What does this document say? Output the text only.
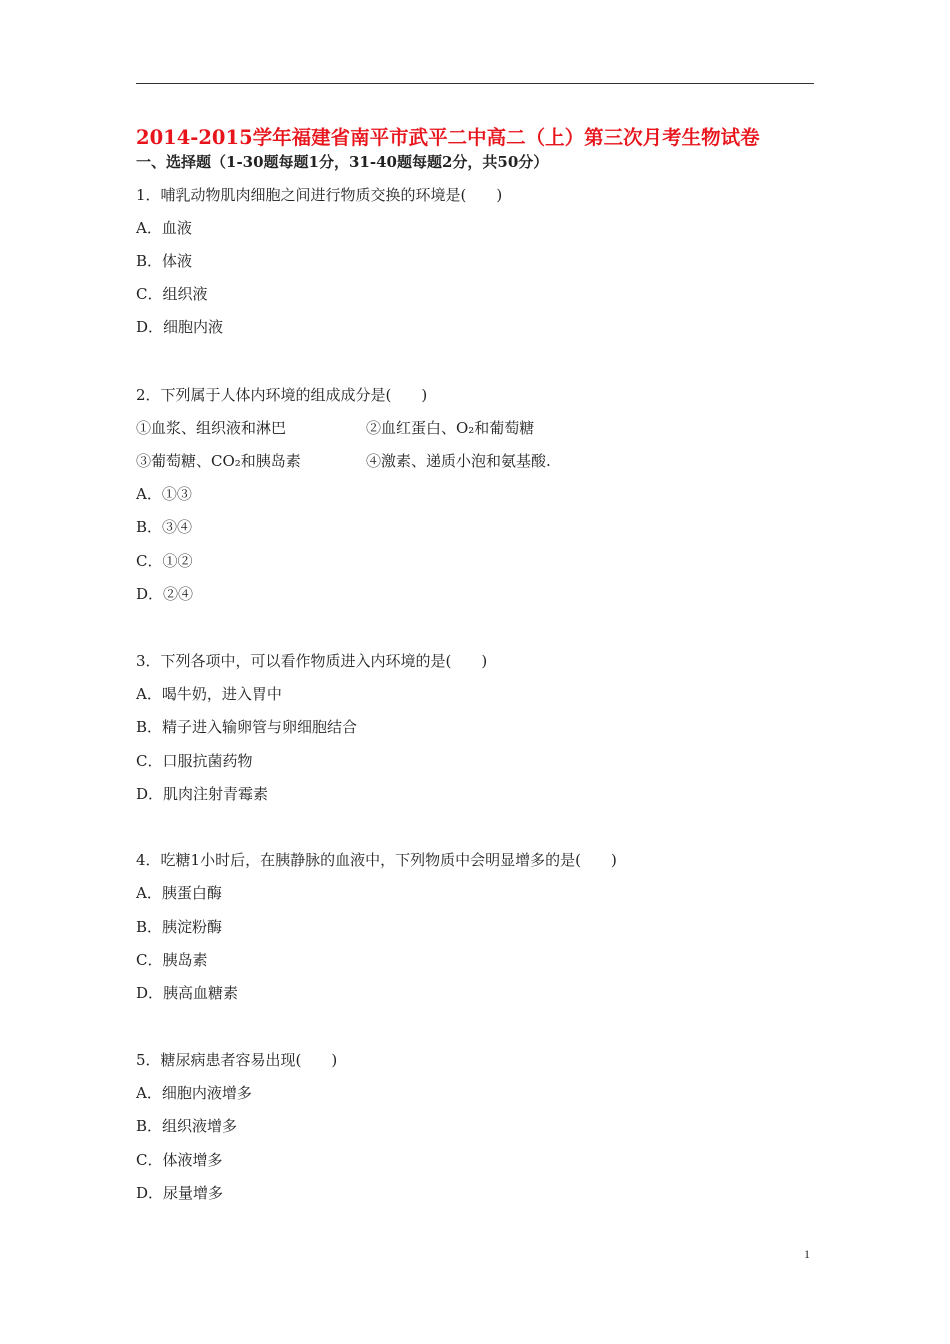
2014-2015学年福建省南平市武平二中高二（上）第三次月考生物试卷
一、选择题（1-30题每题1分，31-40题每题2分，共50分）
1．哺乳动物肌肉细胞之间进行物质交换的环境是(　　)
A．血液
B．体液
C．组织液
D．细胞内液
2．下列属于人体内环境的组成成分是(　　)
①血浆、组织液和淋巴	②血红蛋白、O₂和葡萄糖
③葡萄糖、CO₂和胰岛素	④激素、递质小泡和氨基酸.
A．①③
B．③④
C．①②
D．②④
3．下列各项中，可以看作物质进入内环境的是(　　)
A．喝牛奶，进入胃中
B．精子进入输卵管与卵细胞结合
C．口服抗菌药物
D．肌肉注射青霉素
4．吃糖1小时后，在胰静脉的血液中，下列物质中会明显增多的是(　　)
A．胰蛋白酶
B．胰淀粉酶
C．胰岛素
D．胰高血糖素
5．糖尿病患者容易出现(　　)
A．细胞内液增多
B．组织液增多
C．体液增多
D．尿量增多
1
